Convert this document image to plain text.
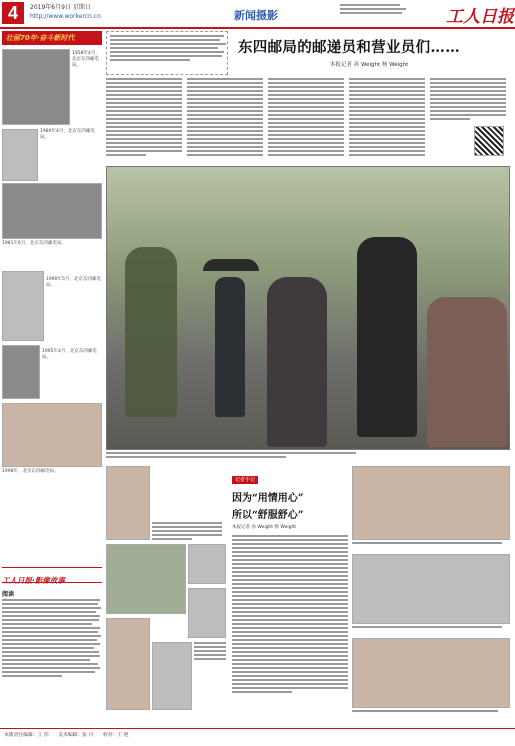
4	2019年6月9日 星期日
http://www.workercn.cn	新闻摄影	工人日报
壮丽70年·奋斗新时代
1958年4月，北京东四邮电局。
1980年4月，北京东四邮电局。
1981年6月，北京东四邮电局。
1990年5月，北京东四邮电局。
1995年4月，北京东四邮电局。
1998年，北京东四邮电局。
工人日报·影像故事
阅读
东四邮局的邮递员和营业员们……
本报记者 孙 Weight 杨 Weight
记者手记
因为“用情用心”
所以“舒服舒心”
本报记者 孙 Weight 杨 Weight
本版责任编辑：王 伟　　美术编辑：张 丹　　校对：王 艳
